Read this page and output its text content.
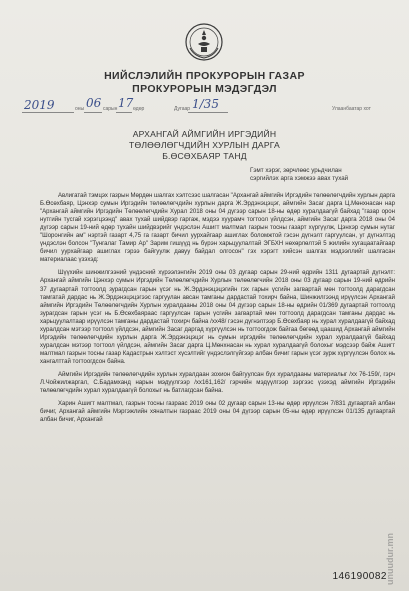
НИЙСЛЭЛИЙН ПРОКУРОРЫН ГАЗАР
ПРОКУРОРЫН МЭДЭГДЭЛ
2019	оны 06 сарын 17 өдөр	Дугаар 1/35	Улаанбаатар хот
АРХАНГАЙ АЙМГИЙН ИРГЭДИЙН
ТӨЛӨӨЛӨГЧДИЙН ХУРЛЫН ДАРГА
Б.ӨСӨХБАЯР ТАНД
Гэмт хэрэг, зөрчлөөс урьдчилан
сэргийлэх арга хэмжээ авах тухай

Авлигатай тэмцэх газрын Мөрдөн шалгах хэлтсээс шалгасан "Архангай аймгийн Иргэдийн төлөөлөгчдийн хурлын дарга Б.Өсөхбаяр, Цэнхэр сумын Иргэдийн төлөөлөгчдийн хурлын дарга Ж.Эрдэнэцэцэг, аймгийн Засаг дарга Ц.Мөнхнасан нар "Архангай аймгийн Иргэдийн Төлөөлөгчдийн Хурал 2018 оны 04 дүгээр сарын 18-ны өдөр хуралдаагүй байхад "газар орон нутгийн тусгай хэрэгцээнд" авах тухай шийдвэр гаргаж, мэдээ хуурамч тогтоол үйлдсэн, аймгийн Засаг дарга 2018 оны 04 дүгээр сарын 19-ний өдөр тухайн шийдвэрийг үндэслэн Ашигт малтмал газрын тосны газарт хүргүүлж, Цэнхэр сумын нутаг "Шоронгийн ам" нэртэй газарт 4,75 га газарт бичил уурхайгаар ашиглах боломжтой гэсэн дүгнэлт гаргуулсан, уг дүгнэлтэд үндэслэн болсон "Тунгалаг Тамир Ар" Зарим гишүүд нь бүрэн харьцуулалтай ЭГБХН нөхөрлөлтэй 5 жилийн хугацаатайгаар бичил уурхайгаар ашиглах гэрээ байгуулж давуу байдал олгосон" гэх хэрэгт хийсэн шалгах мэдээллийг шалгасан материалаас үзэхэд:

Шүүхийн шинжилгээний үндэсний хүрээлэнгийн 2019 оны 03 дугаар сарын 29-ний өдрийн 1311 дугаартай дүгнэлт: Архангай аймгийн Цэнхэр сумын Иргэдийн Төлөөлөгчдийн Хурлын төлөөлөгчийн 2018 оны 03 дугаар сарын 19-ний өдрийн 37 дугаартай тогтоолд зурагдсан гарын үсэг нь Ж.Эрдэнэцэцэгийн гэх гарын үсгийн загвартай мөн тогтоолд дарагдсан тамгатай дардас нь Ж.Эрдэнэцэцэгээс гаргуулан авсан тамганы дардастай тохирч байна, Шинжилгээнд ирүүлсэн Архангай аймгийн Иргэдийн Төлөөлөгчдийн Хурлын хуралдааны 2018 оны 04 дүгээр сарын 18-ны өдрийн 01/369 дугаартай тогтоолд зурагдсан гарын үсэг нь Б.Өсөхбаяраас гаргуулсан гарын үсгийн загвартай мөн тогтоолд дарагдсан тамганы дардас нь харьцуулалтаар ирүүлсэн тамганы дардастай тохирч байна /хх48/ гэсэн дүгнэлтээр Б.Өсөхбаяр нь хурал хуралдаагүй байхад хуралдсан мэтээр тогтоол үйлдсэн, аймгийн Засаг даргад хүргүүлсэн нь тогтоогдож байгаа бөгөөд цаашид Архангай аймгийн Иргэдийн төлөөлөгчдийн хурлын дарга Ж.Эрдэнэцэцэг нь сумын иргэдийн төлөөлөгчдийн хурал хуралдаагүй байхад хуралдсан мэтээр тогтоол үйлдсэн, аймгийн Засаг дарга Ц.Мөнхнасан нь хурал хуралдаагүй болохыг мэдсээр байж Ашигт малтмал газрын тосны газар Кадастрын хэлтэст хүсэлтийг үндэслэлгүйгээр албан бичиг гарын үсэг зурж хүргүүлсэн болох нь хангалттай тогтоогдсон байна.

Аймгийн Иргэдийн төлөөлөгчдийн хурлын хуралдаан зохион байгуулсан бүх хуралдааны материалыг /хх 76-159/, гэрч Л.Чойжилжаргал, С.Бадамханд нарын мэдүүлгээр /хх161,162/ гэрчийн мэдүүлгээр зэргээс үзэхэд аймгийн Иргэдийн төлөөлөгчдийн хурал хуралдаагүй болохыг нь батлагдсан байна.

Харин Ашигт малтмал, газрын тосны газраас 2019 оны 02 дугаар сарын 13-ны өдөр ирүүлсэн 7/831 дугаартай албан бичиг, Архангай аймгийн Мэргэжлийн хяналтын газраас 2019 оны 04 дүгээр сарын 05-ны өдөр ирүүлсэн 01/135 дугаартай албан бичиг, Архангай

unuudur.mn
146190082
